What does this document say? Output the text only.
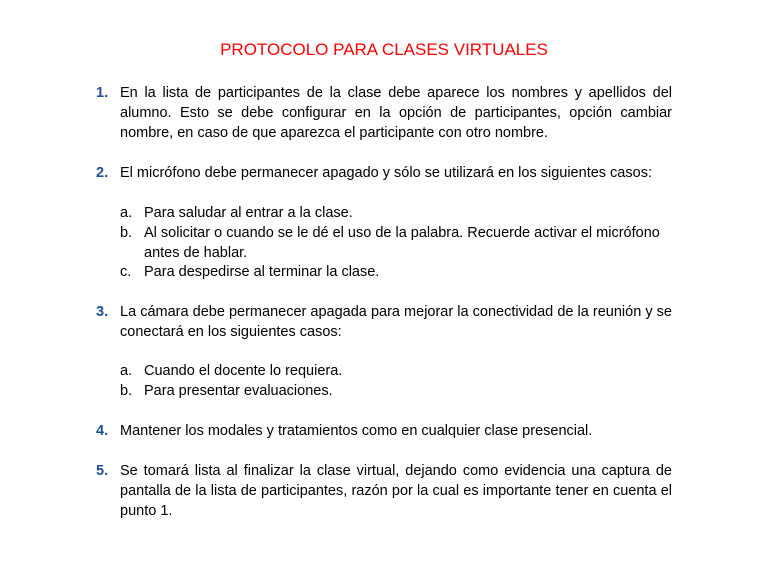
PROTOCOLO PARA CLASES VIRTUALES
1. En la lista de participantes de la clase debe aparece los nombres y apellidos del alumno. Esto se debe configurar en la opción de participantes, opción cambiar nombre, en caso de que aparezca el participante con otro nombre.
2. El micrófono debe permanecer apagado y sólo se utilizará en los siguientes casos:
a. Para saludar al entrar a la clase.
b. Al solicitar o cuando se le dé el uso de la palabra. Recuerde activar el micrófono antes de hablar.
c. Para despedirse al terminar la clase.
3. La cámara debe permanecer apagada para mejorar la conectividad de la reunión y se conectará en los siguientes casos:
a. Cuando el docente lo requiera.
b. Para presentar evaluaciones.
4. Mantener los modales y tratamientos como en cualquier clase presencial.
5. Se tomará lista al finalizar la clase virtual, dejando como evidencia una captura de pantalla de la lista de participantes, razón por la cual es importante tener en cuenta el punto 1.
